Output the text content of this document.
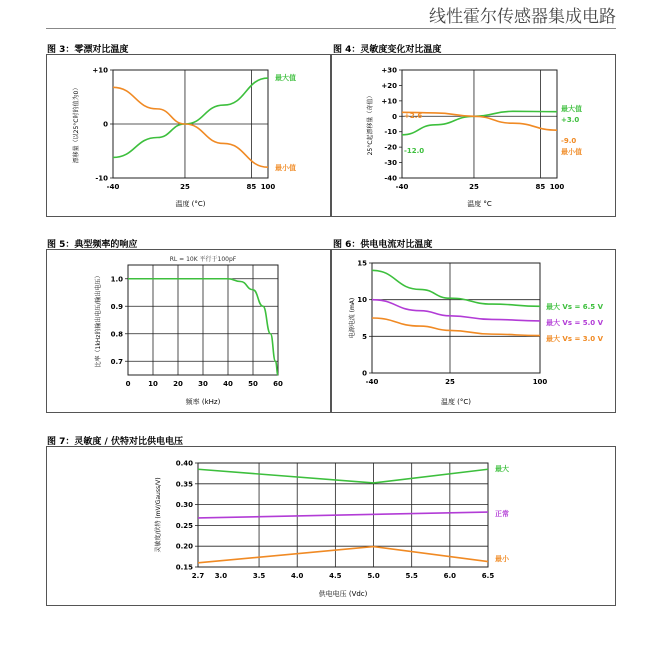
线性霍尔传感器集成电路
图 3：零漂对比温度
-40	25	85 100
+10
0
-10
温度 (°C)
漂移量（以25°C时的值为0）
最大值
最小值
图 4：灵敏度变化对比温度
-40	25	85 100
+30
+20
+10
0
-10
-20
-30
-40
温度 °C
25°C起漂移量（奇值）	最大值
最小值
+2.6
-12.0
+3.0
-9.0
图 5：典型频率的响应
0	10 20 30 40 50 60
1.0
0.9
0.8
0.7
频率 (kHz)
比率（1kHz的输出电压/输出电压）
RL = 10K 平行于100pF
图 6：供电电流对比温度
-40	25	100
15
10
5
0
温度 (°C)
电源电流 (mA)	最大 Vs = 6.5 V
最大 Vs = 5.0 V
最大 Vs = 3.0 V
图 7：灵敏度 / 伏特对比供电电压
2.7 3.0	3.5	4.0	4.5	5.0	5.5	6.0	6.5
0.40
0.35
0.30
0.25
0.20
0.15
供电电压 (Vdc)
灵敏度/伏特 (mV/Gauss/V)
最大
正常
最小
